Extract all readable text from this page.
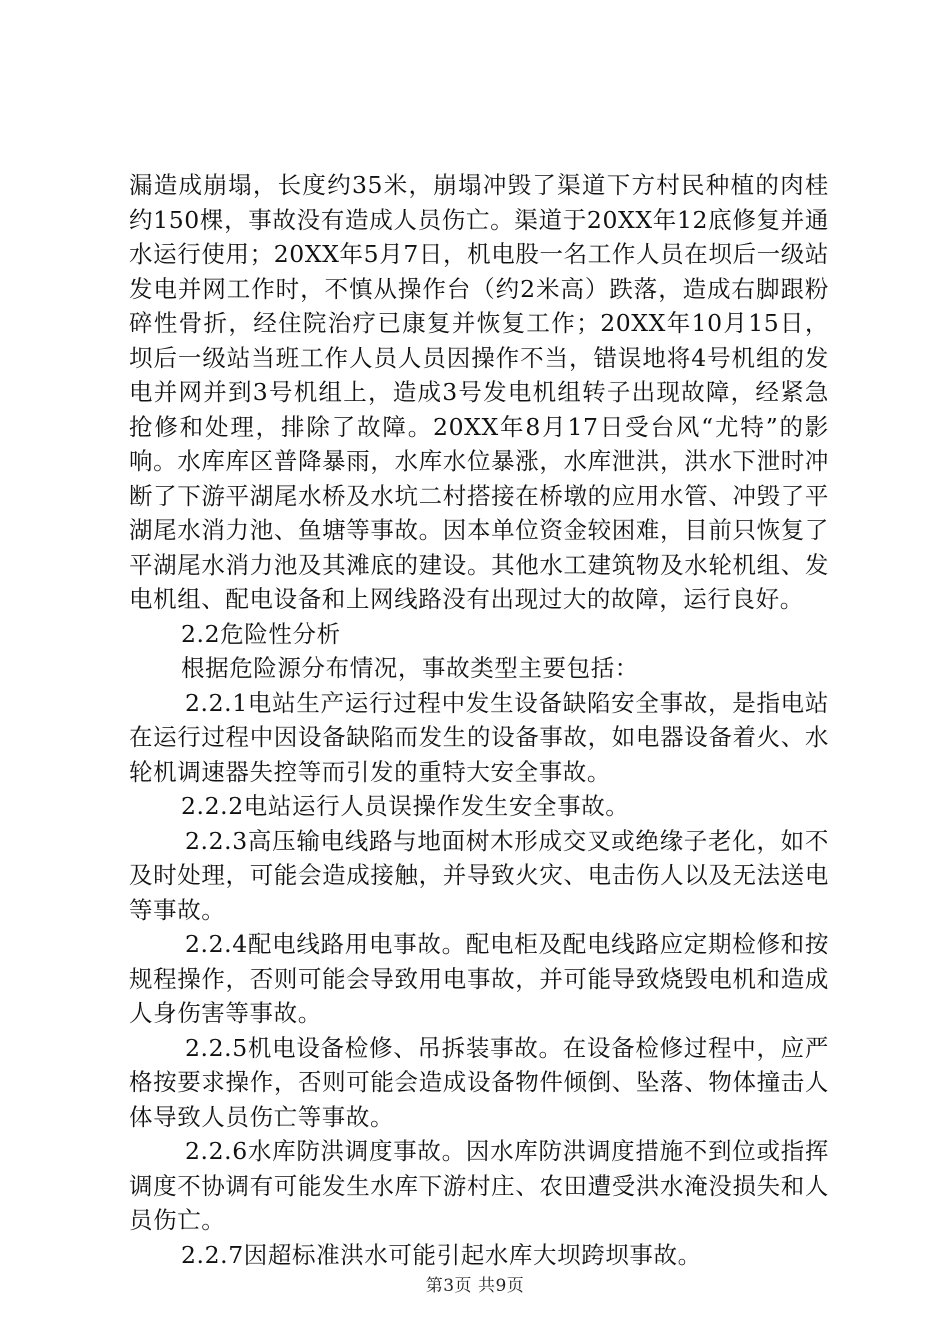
漏造成崩塌，长度约35米，崩塌冲毁了渠道下方村民种植的肉桂约150棵，事故没有造成人员伤亡。渠道于20XX年12底修复并通水运行使用；20XX年5月7日，机电股一名工作人员在坝后一级站发电并网工作时，不慎从操作台（约2米高）跌落，造成右脚跟粉碎性骨折，经住院治疗已康复并恢复工作；20XX年10月15日，坝后一级站当班工作人员人员因操作不当，错误地将4号机组的发电并网并到3号机组上，造成3号发电机组转子出现故障，经紧急抢修和处理，排除了故障。20XX年8月17日受台风“尤特”的影响。水库库区普降暴雨，水库水位暴涨，水库泄洪，洪水下泄时冲断了下游平湖尾水桥及水坑二村搭接在桥墩的应用水管、冲毁了平湖尾水消力池、鱼塘等事故。因本单位资金较困难，目前只恢复了平湖尾水消力池及其滩底的建设。其他水工建筑物及水轮机组、发电机组、配电设备和上网线路没有出现过大的故障，运行良好。

2.2危险性分析

根据危险源分布情况，事故类型主要包括：

2.2.1电站生产运行过程中发生设备缺陷安全事故，是指电站在运行过程中因设备缺陷而发生的设备事故，如电器设备着火、水轮机调速器失控等而引发的重特大安全事故。

2.2.2电站运行人员误操作发生安全事故。

2.2.3高压输电线路与地面树木形成交叉或绝缘子老化，如不及时处理，可能会造成接触，并导致火灾、电击伤人以及无法送电等事故。

2.2.4配电线路用电事故。配电柜及配电线路应定期检修和按规程操作，否则可能会导致用电事故，并可能导致烧毁电机和造成人身伤害等事故。

2.2.5机电设备检修、吊拆装事故。在设备检修过程中，应严格按要求操作，否则可能会造成设备物件倾倒、坠落、物体撞击人体导致人员伤亡等事故。

2.2.6水库防洪调度事故。因水库防洪调度措施不到位或指挥调度不协调有可能发生水库下游村庄、农田遭受洪水淹没损失和人员伤亡。

2.2.7因超标准洪水可能引起水库大坝跨坝事故。

第3页 共9页
